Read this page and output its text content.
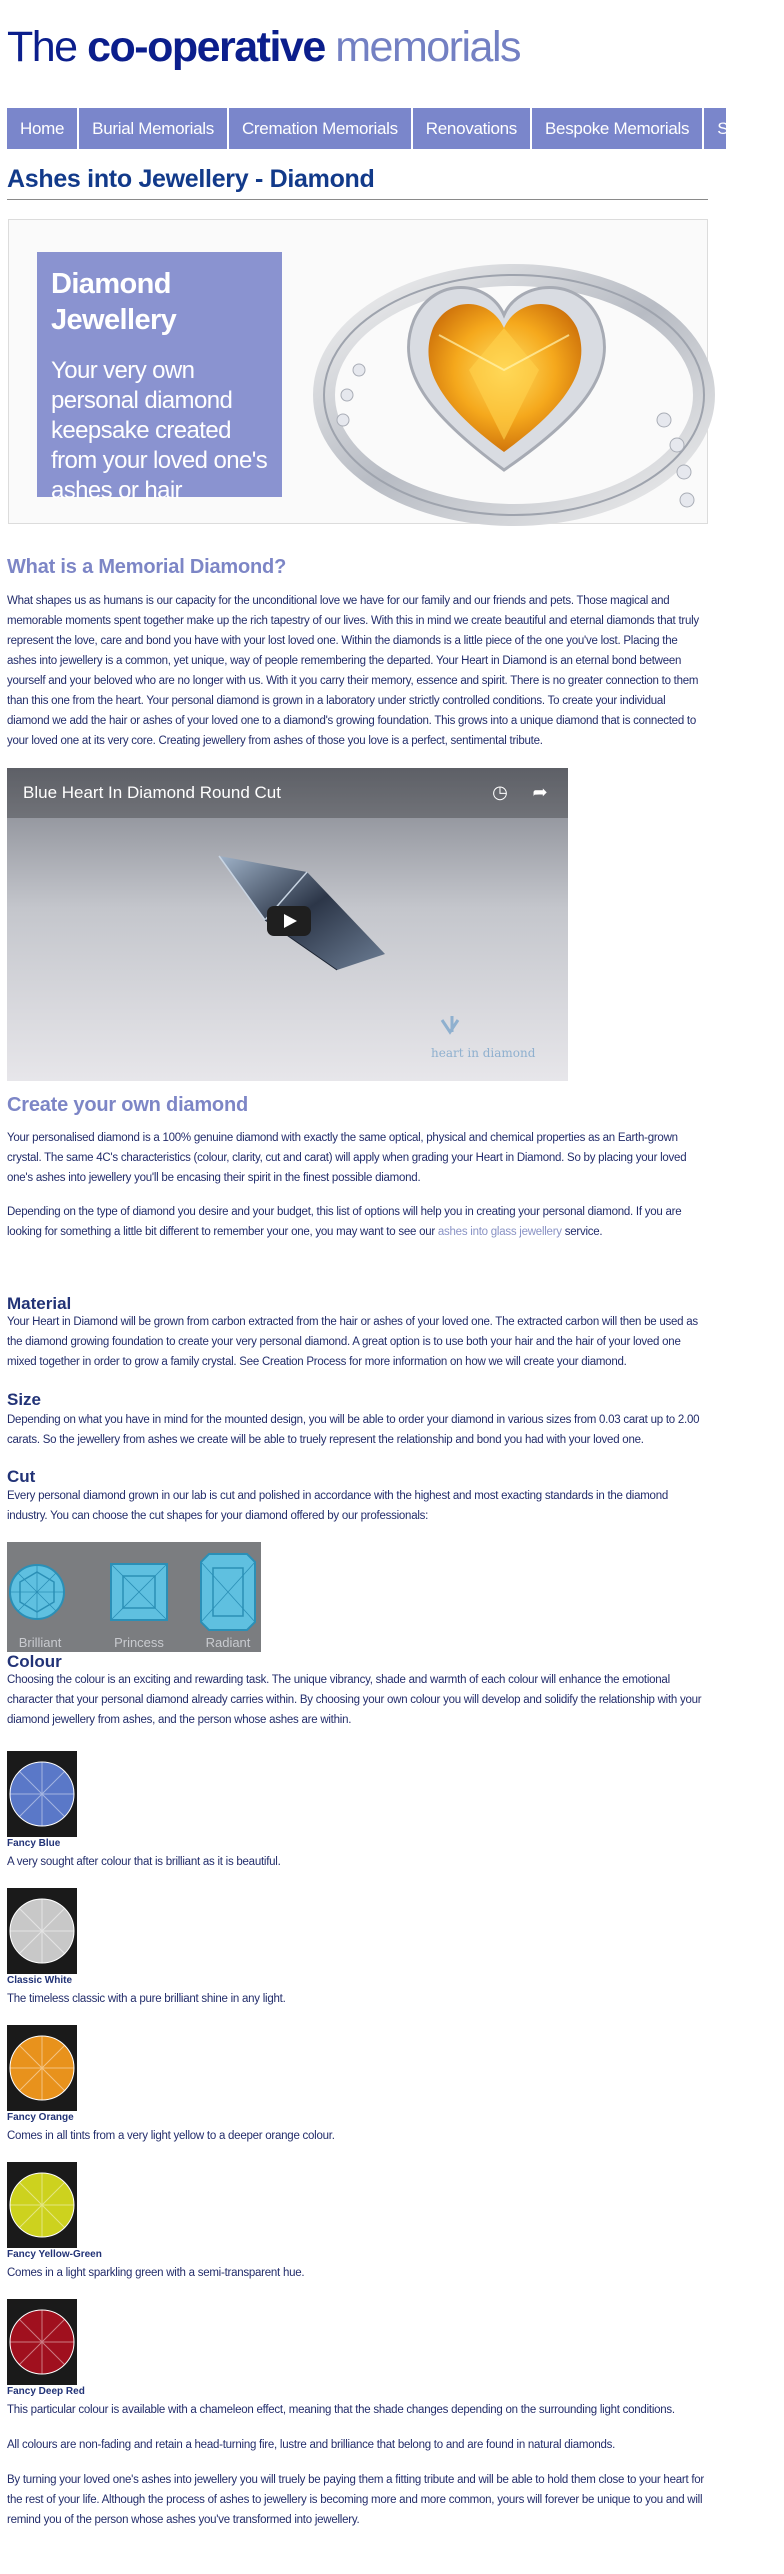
The co-operative memorials
Home	Burial Memorials	Cremation Memorials	Renovations	Bespoke Memorials	Special
Ashes into Jewellery - Diamond
Diamond Jewellery
Your very own personal diamond keepsake created from your loved one's ashes or hair
What is a Memorial Diamond?
What shapes us as humans is our capacity for the unconditional love we have for our family and our friends and pets. Those magical and memorable moments spent together make up the rich tapestry of our lives. With this in mind we create beautiful and eternal diamonds that truly represent the love, care and bond you have with your lost loved one. Within the diamonds is a little piece of the one you've lost. Placing the ashes into jewellery is a common, yet unique, way of people remembering the departed. Your Heart in Diamond is an eternal bond between yourself and your beloved who are no longer with us. With it you carry their memory, essence and spirit. There is no greater connection to them than this one from the heart. Your personal diamond is grown in a laboratory under strictly controlled conditions. To create your individual diamond we add the hair or ashes of your loved one to a diamond's growing foundation. This grows into a unique diamond that is connected to your loved one at its very core. Creating jewellery from ashes of those you love is a perfect, sentimental tribute.
Blue Heart In Diamond Round Cut	◷ ➦
heart in diamond
Create your own diamond
Your personalised diamond is a 100% genuine diamond with exactly the same optical, physical and chemical properties as an Earth-grown crystal. The same 4C's characteristics (colour, clarity, cut and carat) will apply when grading your Heart in Diamond. So by placing your loved one's ashes into jewellery you'll be encasing their spirit in the finest possible diamond.
Depending on the type of diamond you desire and your budget, this list of options will help you in creating your personal diamond. If you are looking for something a little bit different to remember your one, you may want to see our ashes into glass jewellery service.
Material
Your Heart in Diamond will be grown from carbon extracted from the hair or ashes of your loved one. The extracted carbon will then be used as the diamond growing foundation to create your very personal diamond. A great option is to use both your hair and the hair of your loved one mixed together in order to grow a family crystal. See Creation Process for more information on how we will create your diamond.
Size
Depending on what you have in mind for the mounted design, you will be able to order your diamond in various sizes from 0.03 carat up to 2.00 carats. So the jewellery from ashes we create will be able to truely represent the relationship and bond you had with your loved one.
Cut
Every personal diamond grown in our lab is cut and polished in accordance with the highest and most exacting standards in the diamond industry. You can choose the cut shapes for your diamond offered by our professionals:
Brilliant	Princess	Radiant
Colour
Choosing the colour is an exciting and rewarding task. The unique vibrancy, shade and warmth of each colour will enhance the emotional character that your personal diamond already carries within. By choosing your own colour you will develop and solidify the relationship with your diamond jewellery from ashes, and the person whose ashes are within.
Fancy Blue
A very sought after colour that is brilliant as it is beautiful.
Classic White
The timeless classic with a pure brilliant shine in any light.
Fancy Orange
Comes in all tints from a very light yellow to a deeper orange colour.
Fancy Yellow-Green
Comes in a light sparkling green with a semi-transparent hue.
Fancy Deep Red
This particular colour is available with a chameleon effect, meaning that the shade changes depending on the surrounding light conditions.
All colours are non-fading and retain a head-turning fire, lustre and brilliance that belong to and are found in natural diamonds.
By turning your loved one's ashes into jewellery you will truely be paying them a fitting tribute and will be able to hold them close to your heart for the rest of your life. Although the process of ashes to jewellery is becoming more and more common, yours will forever be unique to you and will remind you of the person whose ashes you've transformed into jewellery.
